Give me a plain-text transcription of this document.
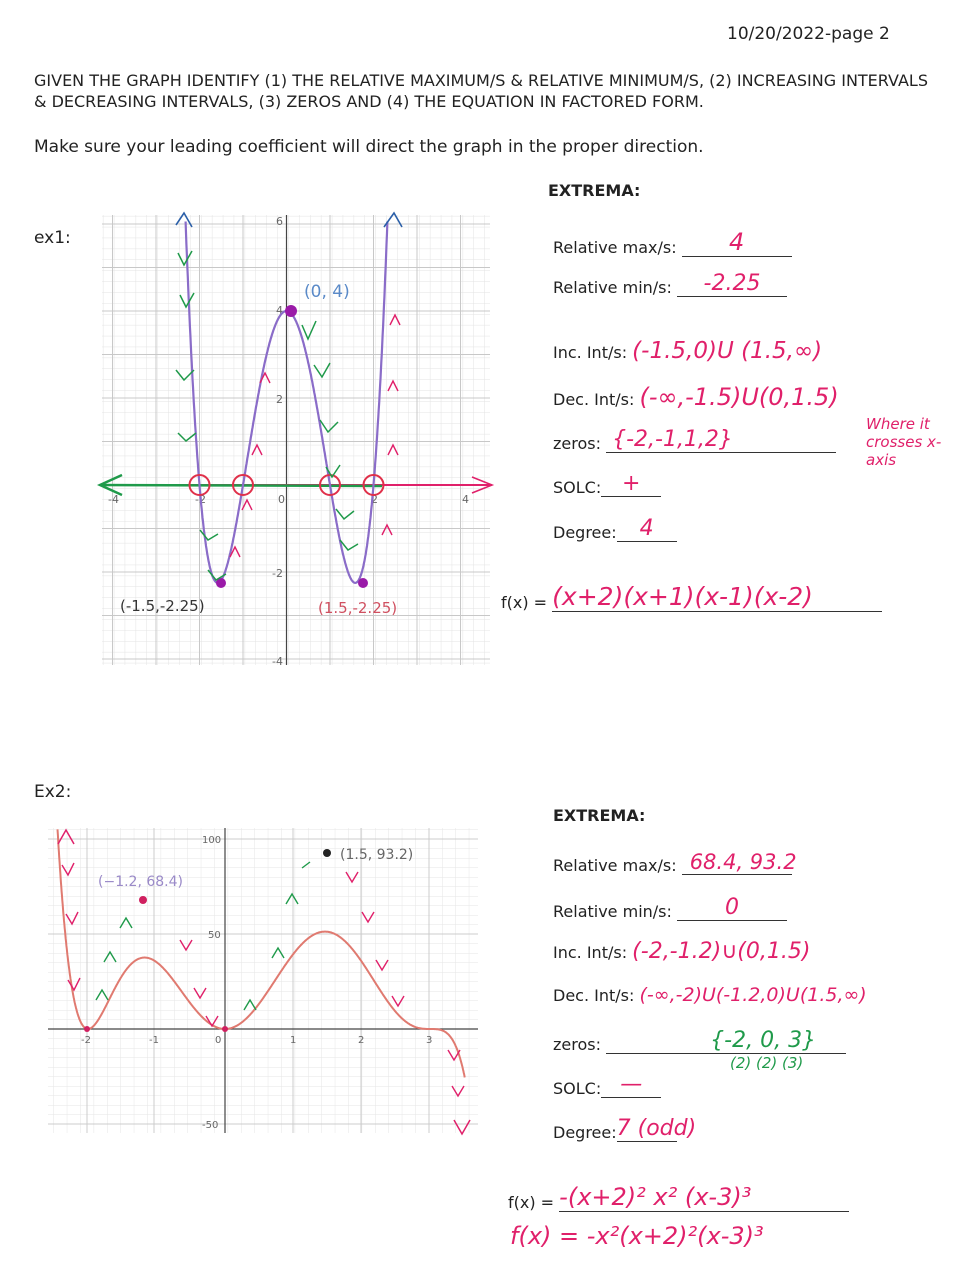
10/20/2022-page 2
GIVEN THE GRAPH IDENTIFY (1) THE RELATIVE MAXIMUM/S & RELATIVE MINIMUM/S, (2) INCREASING INTERVALS & DECREASING INTERVALS, (3) ZEROS AND (4) THE EQUATION IN FACTORED FORM.
Make sure your leading coefficient will direct the graph in the proper direction.
ex1:
-4	-2	0	2	4
6
4
2
-2
-4
(0, 4)
(-1.5,-2.25)	(1.5,-2.25)
EXTREMA:
Relative max/s: 4
Relative min/s: -2.25
Inc. Int/s: (-1.5,0)U (1.5,∞)
Dec. Int/s: (-∞,-1.5)U(0,1.5)
zeros: {-2,-1,1,2}
Where it crosses x-axis
SOLC: +
Degree: 4
f(x) = (x+2)(x+1)(x-1)(x-2)
Ex2:
-2	-1	0	1	2	3
100
50
-50
(−1.2, 68.4)
(1.5, 93.2)
EXTREMA:
Relative max/s: 68.4, 93.2
Relative min/s: 0
Inc. Int/s: (-2,-1.2)∪(0,1.5)
Dec. Int/s: (-∞,-2)U(-1.2,0)U(1.5,∞)
zeros:	{-2, 0, 3}
(2) (2) (3)
SOLC: —
Degree:7 (odd)
f(x) = -(x+2)² x² (x-3)³
f(x) = -x²(x+2)²(x-3)³
